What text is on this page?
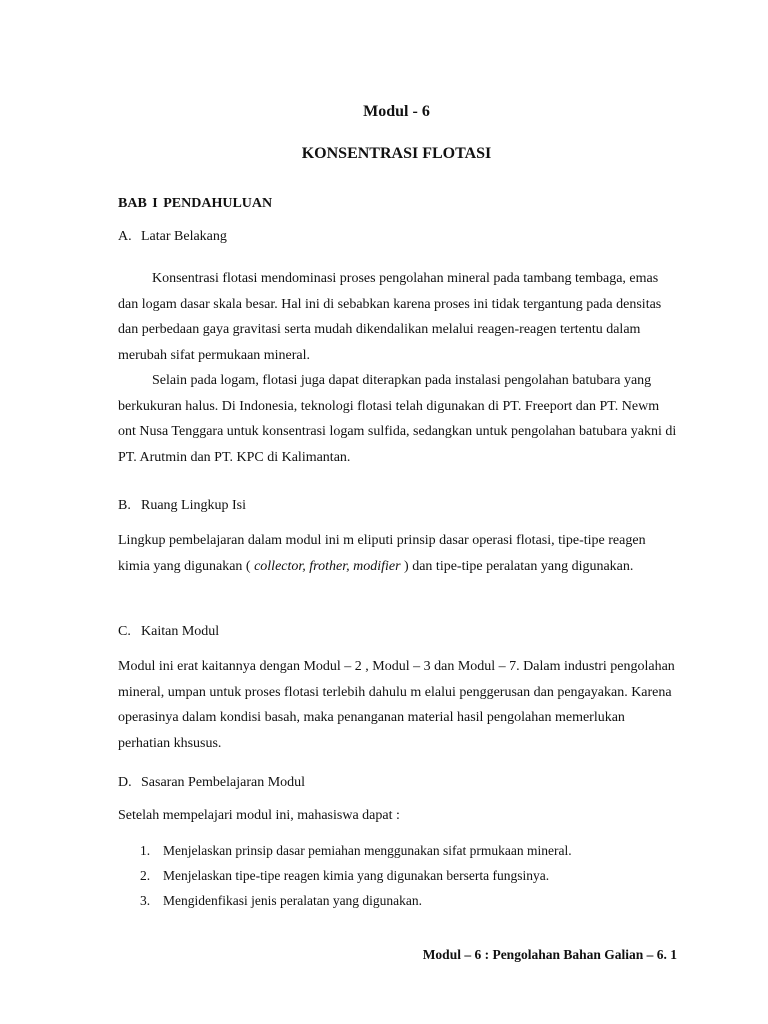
Modul - 6
KONSENTRASI FLOTASI
BAB I PENDAHULUAN
A. Latar Belakang

Konsentrasi flotasi mendominasi proses pengolahan mineral pada tambang tembaga, emas dan logam dasar skala besar. Hal ini di sebabkan karena proses ini tidak tergantung pada densitas dan perbedaan gaya gravitasi serta mudah dikendalikan melalui reagen-reagen tertentu dalam merubah sifat permukaan mineral.

Selain pada logam, flotasi juga dapat diterapkan pada instalasi pengolahan batubara yang berkukuran halus. Di Indonesia, teknologi flotasi telah digunakan di PT. Freeport dan PT. Newm ont Nusa Tenggara untuk konsentrasi logam sulfida, sedangkan untuk pengolahan batubara yakni di PT. Arutmin dan PT. KPC di Kalimantan.

B. Ruang Lingkup Isi

Lingkup pembelajaran dalam modul ini m eliputi prinsip dasar operasi flotasi, tipe-tipe reagen kimia yang digunakan ( collector, frother, modifier ) dan tipe-tipe peralatan yang digunakan.

C. Kaitan Modul

Modul ini erat kaitannya dengan Modul – 2 , Modul – 3 dan Modul – 7. Dalam industri pengolahan mineral, umpan untuk proses flotasi terlebih dahulu m elalui penggerusan dan pengayakan. Karena operasinya dalam kondisi basah, maka penanganan material hasil pengolahan memerlukan perhatian khsusus.

D. Sasaran Pembelajaran Modul
Setelah mempelajari modul ini, mahasiswa dapat :
1. Menjelaskan prinsip dasar pemiahan menggunakan sifat prmukaan mineral.
2. Menjelaskan tipe-tipe reagen kimia yang digunakan berserta fungsinya.
3. Mengidenfikasi jenis peralatan yang digunakan.
Modul – 6 : Pengolahan Bahan Galian – 6. 1
